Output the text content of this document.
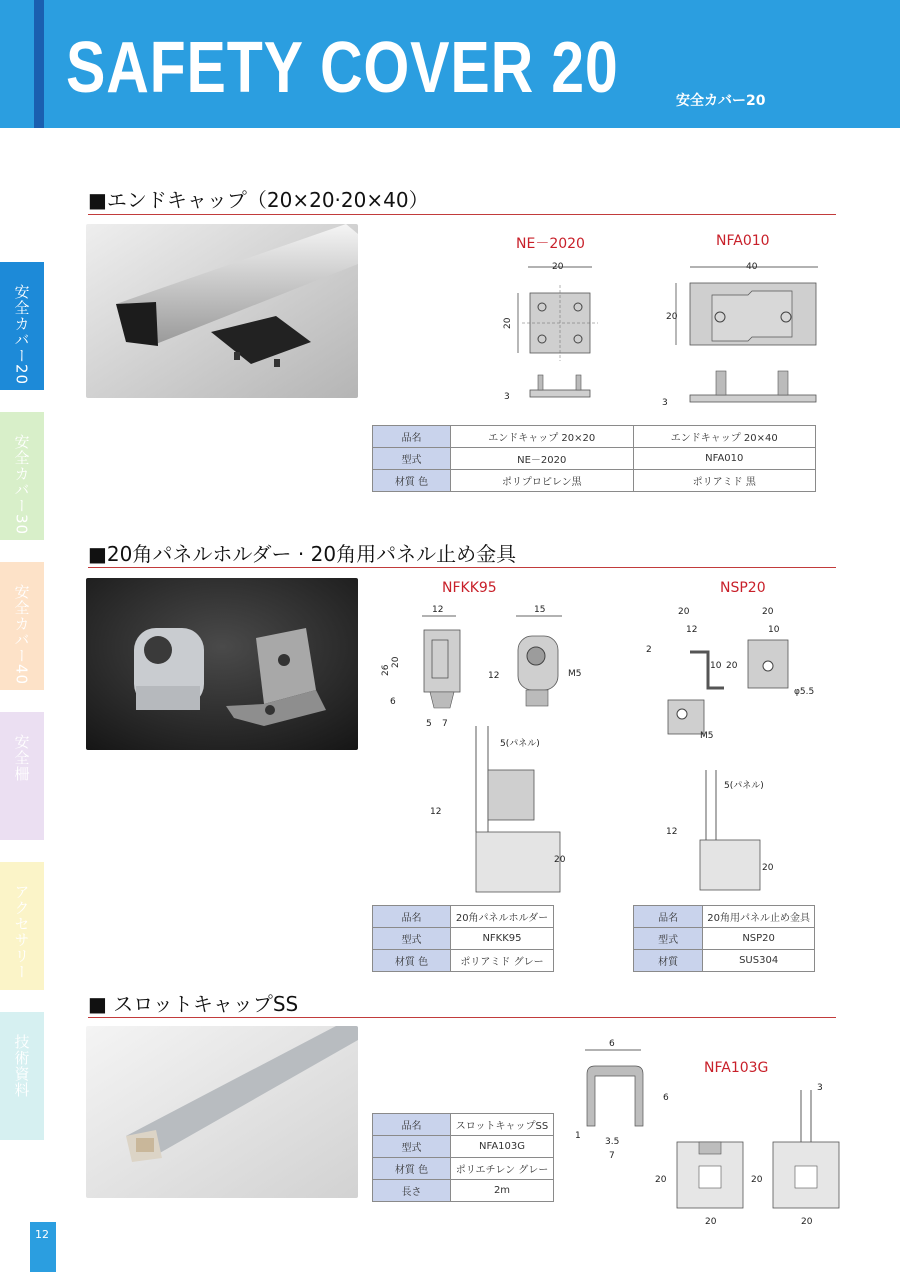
SAFETY COVER 20	安全カバー20
安全カバー20
安全カバー30
安全カバー40
安全柵
アクセサリー
技術資料
■エンドキャップ（20×20·20×40）
NE－2020	NFA010
20
20
3
40
20
3
品名	エンドキャップ 20×20	エンドキャップ 20×40
型式	NE－2020	NFA010
材質 色	ポリプロピレン黒	ポリアミド 黒
■20角パネルホルダー · 20角用パネル止め金具
NFKK95	NSP20
12
26
20
6
5 7
15
12	M5
5(パネル)
12
20
20
12
2
10 20
20
10
φ5.5
M5
5(パネル)
12
20
品名	20角パネルホルダー
型式	NFKK95
材質 色	ポリアミド グレー
品名	20角用パネル止め金具
型式	NSP20
材質	SUS304
■ スロットキャップSS
品名	スロットキャップSS
型式	NFA103G
材質 色	ポリエチレン グレー
長さ	2m
NFA103G
6
6
1
3.5
7
20
20
3
20
20
12
